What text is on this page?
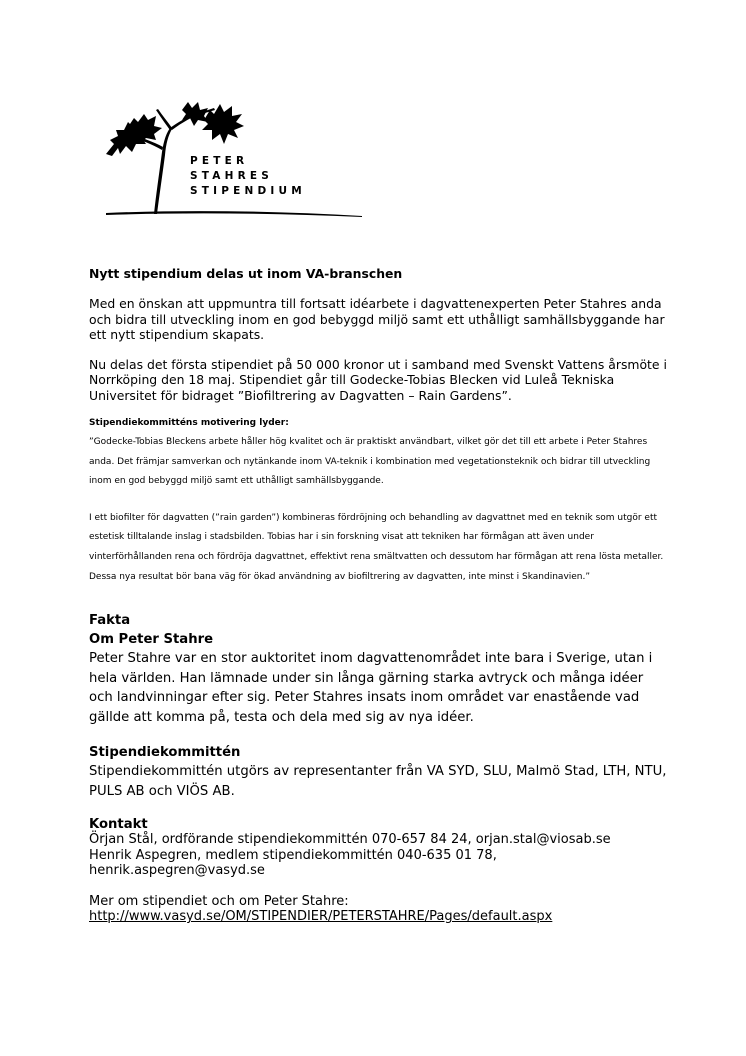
PETER
STAHRES
STIPENDIUM
Nytt stipendium delas ut inom VA-branschen

Med en önskan att uppmuntra till fortsatt idéarbete i dagvattenexperten Peter Stahres anda och bidra till utveckling inom en god bebyggd miljö samt ett uthålligt samhällsbyggande har ett nytt stipendium skapats.

Nu delas det första stipendiet på 50 000 kronor ut i samband med Svenskt Vattens årsmöte i Norrköping den 18 maj. Stipendiet går till Godecke-Tobias Blecken vid Luleå Tekniska Universitet för bidraget ”Biofiltrering av Dagvatten – Rain Gardens”.

Stipendiekommitténs motivering lyder:

”Godecke-Tobias Bleckens arbete håller hög kvalitet och är praktiskt användbart, vilket gör det till ett arbete i Peter Stahres anda. Det främjar samverkan och nytänkande inom VA-teknik i kombination med vegetationsteknik och bidrar till utveckling inom en god bebyggd miljö samt ett uthålligt samhällsbyggande.

I ett biofilter för dagvatten (”rain garden”) kombineras fördröjning och behandling av dagvattnet med en teknik som utgör ett estetisk tilltalande inslag i stadsbilden. Tobias har i sin forskning visat att tekniken har förmågan att även under vinterförhållanden rena och fördröja dagvattnet, effektivt rena smältvatten och dessutom har förmågan att rena lösta metaller. Dessa nya resultat bör bana väg för ökad användning av biofiltrering av dagvatten, inte minst i Skandinavien.”

Fakta
Om Peter Stahre

Peter Stahre var en stor auktoritet inom dagvattenområdet inte bara i Sverige, utan i hela världen. Han lämnade under sin långa gärning starka avtryck och många idéer och landvinningar efter sig. Peter Stahres insats inom området var enastående vad gällde att komma på, testa och dela med sig av nya idéer.

Stipendiekommittén

Stipendiekommittén utgörs av representanter från VA SYD, SLU, Malmö Stad, LTH, NTU, PULS AB och VIÖS AB.

Kontakt

Örjan Stål, ordförande stipendiekommittén 070-657 84 24, orjan.stal@viosab.se

Henrik Aspegren, medlem stipendiekommittén 040-635 01 78,

henrik.aspegren@vasyd.se

Mer om stipendiet och om Peter Stahre:

http://www.vasyd.se/OM/STIPENDIER/PETERSTAHRE/Pages/default.aspx
